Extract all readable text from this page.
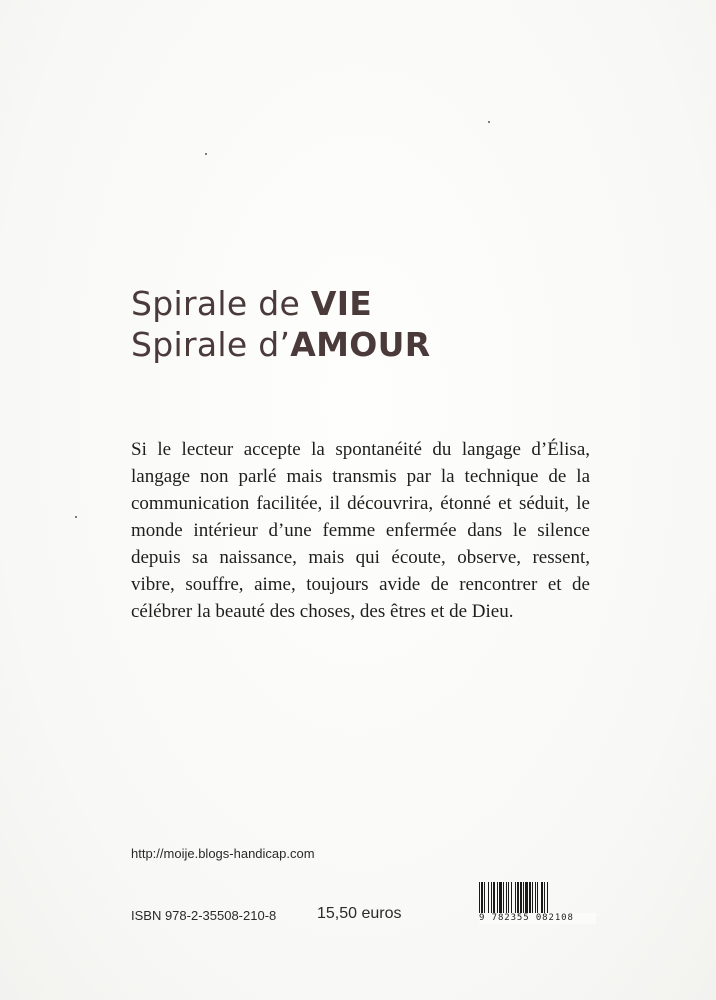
Spirale de VIE
Spirale d’AMOUR
Si le lecteur accepte la spontanéité du langage d’Élisa, langage non parlé mais transmis par la technique de la communication facilitée, il découvrira, étonné et séduit, le monde intérieur d’une femme enfermée dans le silence depuis sa naissance, mais qui écoute, observe, ressent, vibre, souffre, aime, toujours avide de rencontrer et de célébrer la beauté des choses, des êtres et de Dieu.
http://moije.blogs-handicap.com
ISBN 978-2-35508-210-8	15,50 euros	9 782355 082108
